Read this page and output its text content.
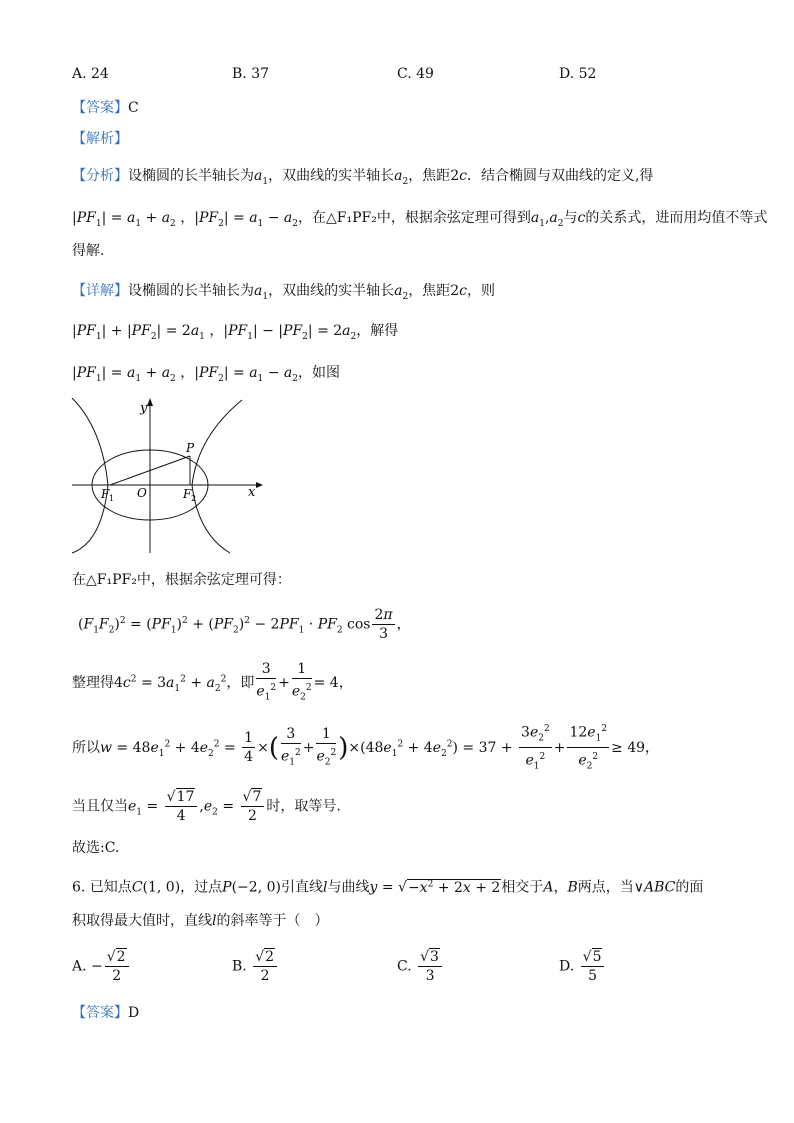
A. 24	B. 37	C. 49	D. 52
【答案】C
【解析】
【分析】设椭圆的长半轴长为$a_1$，双曲线的实半轴长$a_2$，焦距2c．结合椭圆与双曲线的定义,得
$|PF_1| = a_1 + a_2$ ，$|PF_2| = a_1 - a_2$，在△F₁PF₂中，根据余弦定理可得到$a_1,a_2$与c的关系式，进而用均值不等式
得解.
【详解】设椭圆的长半轴长为$a_1$，双曲线的实半轴长$a_2$，焦距2c，则
$|PF_1| + |PF_2| = 2a_1$ ，$|PF_1| - |PF_2| = 2a_2$，解得
$|PF_1| = a_1 + a_2$ ，$|PF_2| = a_1 - a_2$，如图
y
x
P
O
F 1	F 2
在△F₁PF₂中，根据余弦定理可得：
$(F_1F_2)^2 = (PF_1)^2 + (PF_2)^2 - 2PF_1 \cdot PF_2$ $\cos \frac{2\pi}{3}$ ，
整理得$4c^2 = 3a_1^2 + a_2^2$，即 $\frac{3}{e_1^2} + \frac{1}{e_2^2} = 4$，
所以$w = 48e_1^2 + 4e_2^2 = \frac{1}{4}$ ×( $\frac{3}{e_1^2} + \frac{1}{e_2^2} )\times(48e_1^2 + 4e_2^2) = 37 + \frac{3e_2^2}{e_1^2} + \frac{12e_1^2}{e_2^2} \ge 49$，
当且仅当$e_1 = \frac{√17}{4} ,e_2 = \frac{√7}{2}$ 时，取等号.
故选:C.
6. 已知点C(1, 0)，过点P(−2, 0)引直线l与曲线$y = √-x^2 + 2x + 2$相交于A，B两点，当∨ABC的面
积取得最大值时，直线l的斜率等于（　）
A. − $\frac{√2}{2}$	B. $\frac{√2}{2}$	C. $\frac{√3}{3}$	D. $\frac{√5}{5}$
【答案】D
